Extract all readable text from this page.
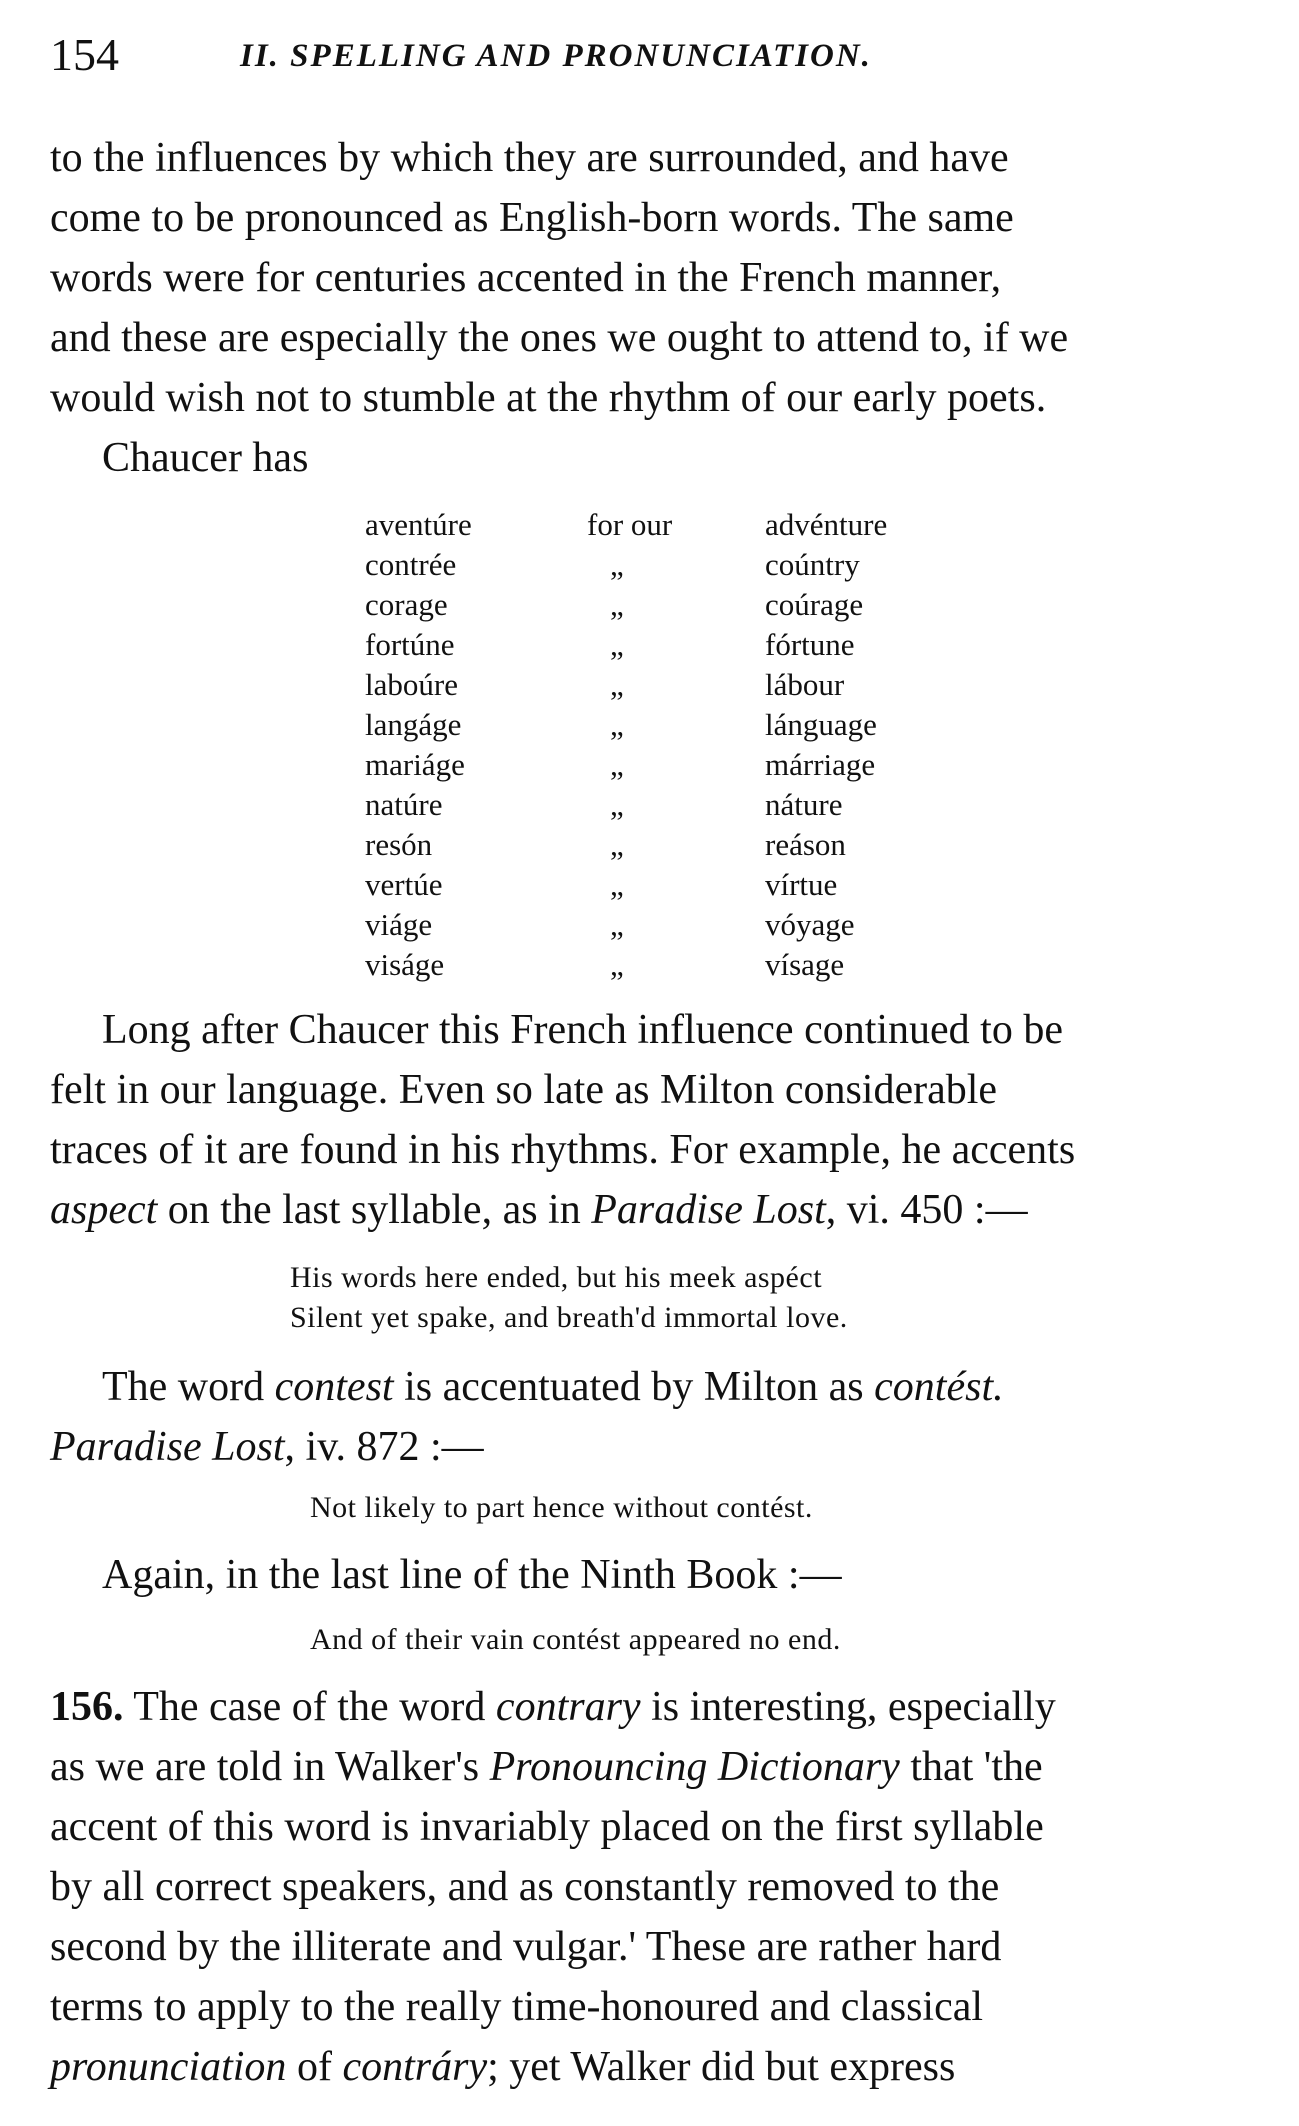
154	II. SPELLING AND PRONUNCIATION.

to the influences by which they are surrounded, and have
come to be pronounced as English-born words. The same
words were for centuries accented in the French manner,
and these are especially the ones we ought to attend to, if we
would wish not to stumble at the rhythm of our early poets.

Chaucer has

aventúre	for our	advénture
contrée	„	coúntry
corage	„	coúrage
fortúne	„	fórtune
laboúre	„	lábour
langáge	„	lánguage
mariáge	„	márriage
natúre	„	náture
resón	„	reáson
vertúe	„	vírtue
viáge	„	vóyage
viságe	„	vísage

Long after Chaucer this French influence continued to be
felt in our language. Even so late as Milton considerable
traces of it are found in his rhythms. For example, he accents
aspect on the last syllable, as in Paradise Lost, vi. 450 :—

His words here ended, but his meek aspéct
Silent yet spake, and breath'd immortal love.

The word contest is accentuated by Milton as contést.
Paradise Lost, iv. 872 :—

Not likely to part hence without contést.

Again, in the last line of the Ninth Book :—

And of their vain contést appeared no end.

156. The case of the word contrary is interesting, especially
as we are told in Walker's Pronouncing Dictionary that 'the
accent of this word is invariably placed on the first syllable
by all correct speakers, and as constantly removed to the
second by the illiterate and vulgar.' These are rather hard
terms to apply to the really time-honoured and classical
pronunciation of contráry; yet Walker did but express
